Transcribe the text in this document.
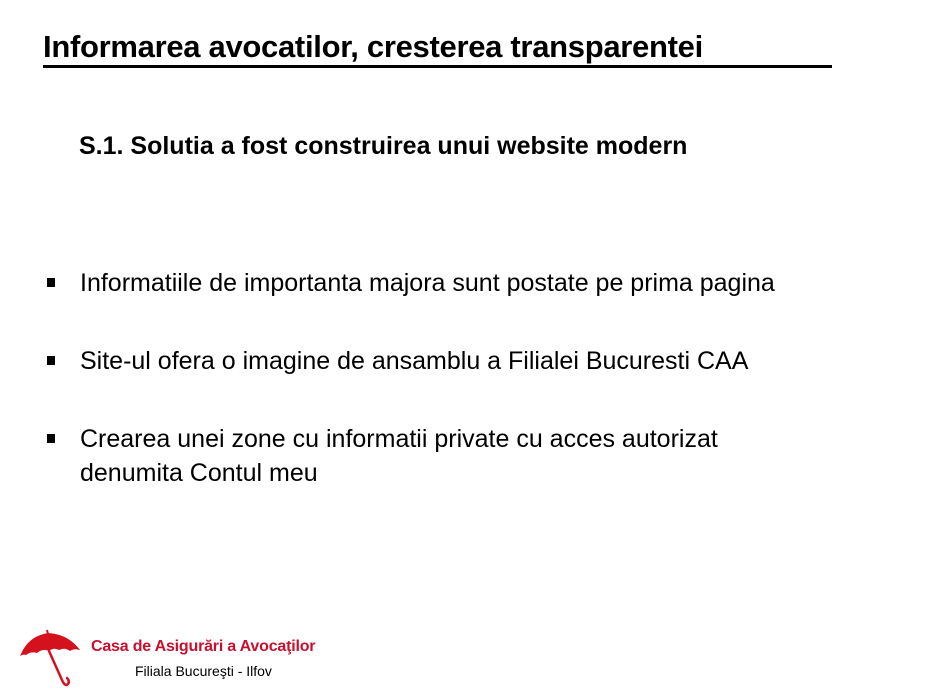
Informarea avocatilor, cresterea transparentei
S.1. Solutia a fost construirea unui website modern
Informatiile de importanta majora sunt postate pe prima pagina
Site-ul ofera o imagine de ansamblu a Filialei Bucuresti CAA
Crearea unei zone cu informatii private cu acces autorizat denumita Contul meu
Casa de Asigurări a Avocaţilor
Filiala Bucureşti - Ilfov
